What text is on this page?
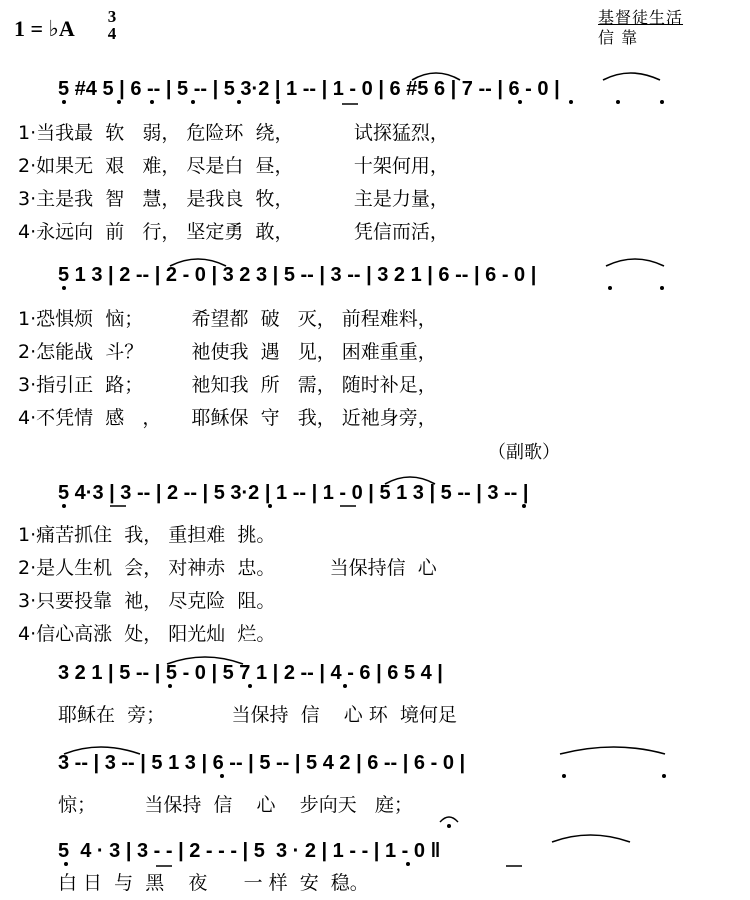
1 = ♭A 3
4
基督徒生活
信 靠
5 #4 5 | 6 -- | 5 -- | 5 3·2 | 1 -- | 1 - 0 | 6 #5 6 | 7 -- | 6 - 0 |
1·当我最  软   弱， 危险环  绕，          试探猛烈，
2·如果无  艰   难， 尽是白  昼，          十架何用，
3·主是我  智   慧， 是我良  牧，          主是力量，
4·永远向  前   行， 坚定勇  敢，          凭信而活，
5 1 3 | 2 -- | 2 - 0 | 3 2 3 | 5 -- | 3 -- | 3 2 1 | 6 -- | 6 - 0 |
1·恐惧烦  恼；        希望都  破   灭， 前程难料，
2·怎能战  斗？        祂使我  遇   见， 困难重重，
3·指引正  路；        祂知我  所   需， 随时补足，
4·不凭情  感   ，     耶稣保  守   我， 近祂身旁，
（副歌）
5 4·3 | 3 -- | 2 -- | 5 3·2 | 1 -- | 1 - 0 | 5 1 3 | 5 -- | 3 -- |
1·痛苦抓住  我， 重担难  挑。
2·是人生机  会， 对神赤  忠。         当保持信  心
3·只要投靠  祂， 尽克险  阻。
4·信心高涨  处， 阳光灿  烂。
3 2 1 | 5 -- | 5 - 0 | 5 7 1 | 2 -- | 4 - 6 | 6 5 4 |
耶稣在  旁；           当保持  信    心 环  境何足
3 -- | 3 -- | 5 1 3 | 6 -- | 5 -- | 5 4 2 | 6 -- | 6 - 0 |
惊；        当保持  信    心    步向天   庭；
5  4 · 3 | 3 - - | 2 - - - | 5  3 · 2 | 1 - - | 1 - 0 ‖
白 日  与  黑    夜      一 样  安  稳。
